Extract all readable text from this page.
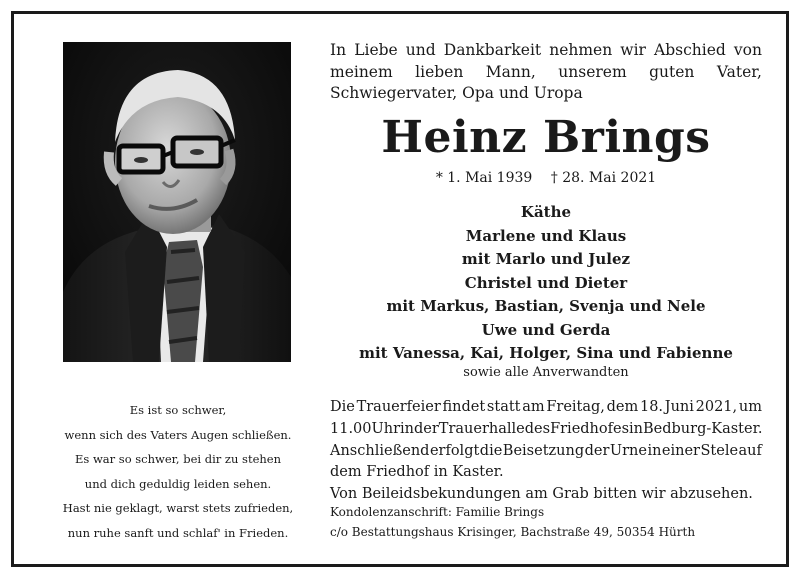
Es ist so schwer,
wenn sich des Vaters Augen schließen.
Es war so schwer, bei dir zu stehen
und dich geduldig leiden sehen.
Hast nie geklagt, warst stets zufrieden,
nun ruhe sanft und schlaf' in Frieden.
In Liebe und Dankbarkeit nehmen wir Abschied von
meinem lieben Mann, unserem guten Vater,
Schwiegervater, Opa und Uropa
Heinz Brings
* 1. Mai 1939 † 28. Mai 2021
Käthe
Marlene und Klaus
mit Marlo und Julez
Christel und Dieter
mit Markus, Bastian, Svenja und Nele
Uwe und Gerda
mit Vanessa, Kai, Holger, Sina und Fabienne
sowie alle Anverwandten
Die Trauerfeier findet statt am Freitag, dem 18. Juni 2021, um
11.00 Uhr in der Trauerhalle des Friedhofes in Bedburg-Kaster.
Anschließend erfolgt die Beisetzung der Urne in einer Stele auf
dem Friedhof in Kaster.
Von Beileidsbekundungen am Grab bitten wir abzusehen.
Kondolenzanschrift: Familie Brings
c/o Bestattungshaus Krisinger, Bachstraße 49, 50354 Hürth
